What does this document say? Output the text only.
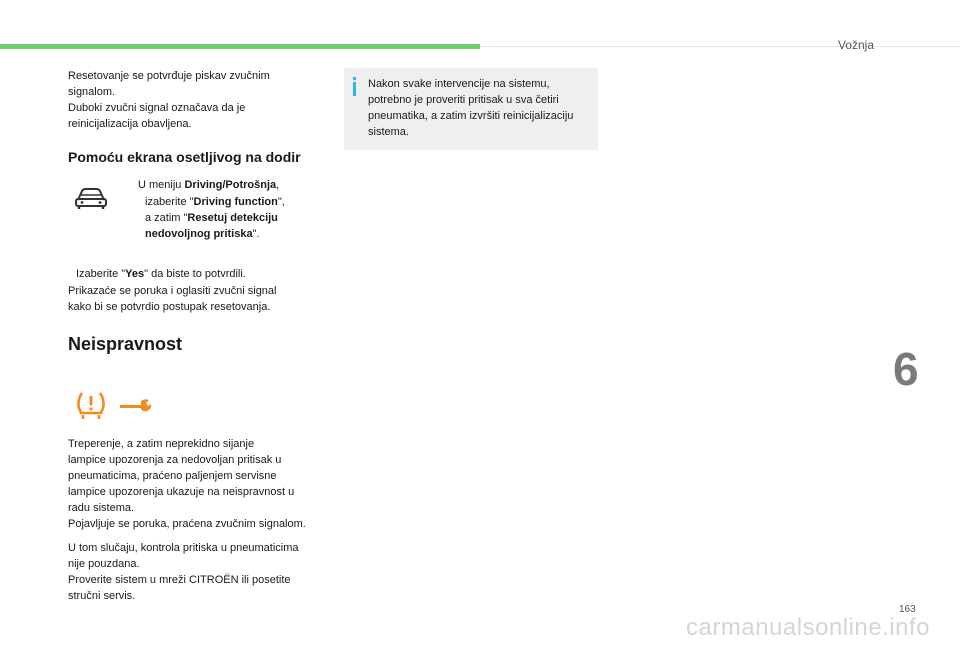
Vožnja

Resetovanje se potvrđuje piskav zvučnim
signalom.
Duboki zvučni signal označava da je
reinicijalizacija obavljena.

Pomoću ekrana osetljivog na dodir

U meniju Driving/Potrošnja,
izaberite "Driving function",
a zatim "Resetuj detekciju
nedovoljnog pritiska".

Izaberite "Yes" da biste to potvrdili.
Prikazaće se poruka i oglasiti zvučni signal
kako bi se potvrdio postupak resetovanja.

Neispravnost

Treperenje, a zatim neprekidno sijanje
lampice upozorenja za nedovoljan pritisak u
pneumaticima, praćeno paljenjem servisne
lampice upozorenja ukazuje na neispravnost u
radu sistema.
Pojavljuje se poruka, praćena zvučnim signalom.

U tom slučaju, kontrola pritiska u pneumaticima
nije pouzdana.
Proverite sistem u mreži CITROËN ili posetite
stručni servis.

Nakon svake intervencije na sistemu,
potrebno je proveriti pritisak u sva četiri
pneumatika, a zatim izvršiti reinicijalizaciju
sistema.

6
163
carmanualsonline.info
